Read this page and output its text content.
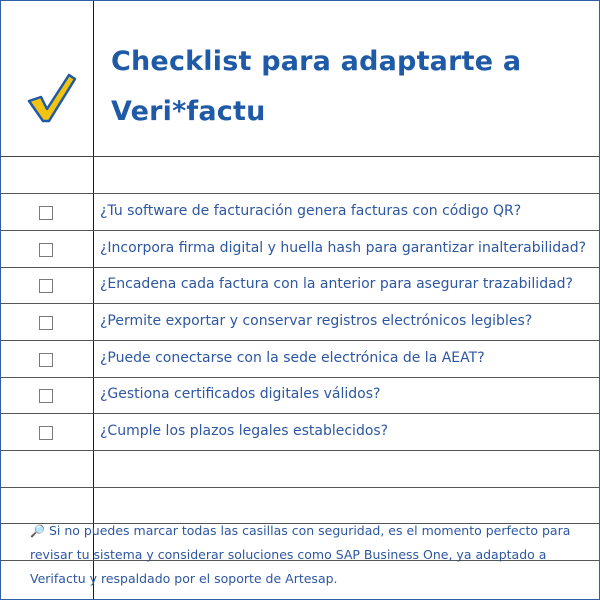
Checklist para adaptarte a Veri*factu
¿Tu software de facturación genera facturas con código QR?
¿Incorpora firma digital y huella hash para garantizar inalterabilidad?
¿Encadena cada factura con la anterior para asegurar trazabilidad?
¿Permite exportar y conservar registros electrónicos legibles?
¿Puede conectarse con la sede electrónica de la AEAT?
¿Gestiona certificados digitales válidos?
¿Cumple los plazos legales establecidos?
🔎 Si no puedes marcar todas las casillas con seguridad, es el momento perfecto para revisar tu sistema y considerar soluciones como SAP Business One, ya adaptado a Verifactu y respaldado por el soporte de Artesap.
